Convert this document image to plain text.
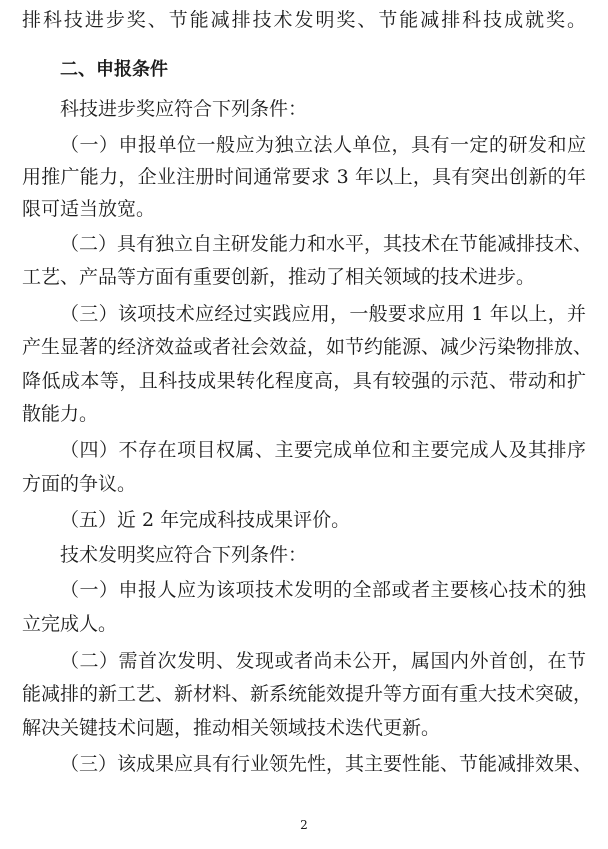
排科技进步奖、节能减排技术发明奖、节能减排科技成就奖。
二、申报条件
科技进步奖应符合下列条件：
（一）申报单位一般应为独立法人单位，具有一定的研发和应
用推广能力，企业注册时间通常要求 3 年以上，具有突出创新的年
限可适当放宽。
（二）具有独立自主研发能力和水平，其技术在节能减排技术、
工艺、产品等方面有重要创新，推动了相关领域的技术进步。
（三）该项技术应经过实践应用，一般要求应用 1 年以上，并
产生显著的经济效益或者社会效益，如节约能源、减少污染物排放、
降低成本等，且科技成果转化程度高，具有较强的示范、带动和扩
散能力。
（四）不存在项目权属、主要完成单位和主要完成人及其排序
方面的争议。
（五）近 2 年完成科技成果评价。
技术发明奖应符合下列条件：
（一）申报人应为该项技术发明的全部或者主要核心技术的独
立完成人。
（二）需首次发明、发现或者尚未公开，属国内外首创，在节
能减排的新工艺、新材料、新系统能效提升等方面有重大技术突破，
解决关键技术问题，推动相关领域技术迭代更新。
（三）该成果应具有行业领先性，其主要性能、节能减排效果、
2
